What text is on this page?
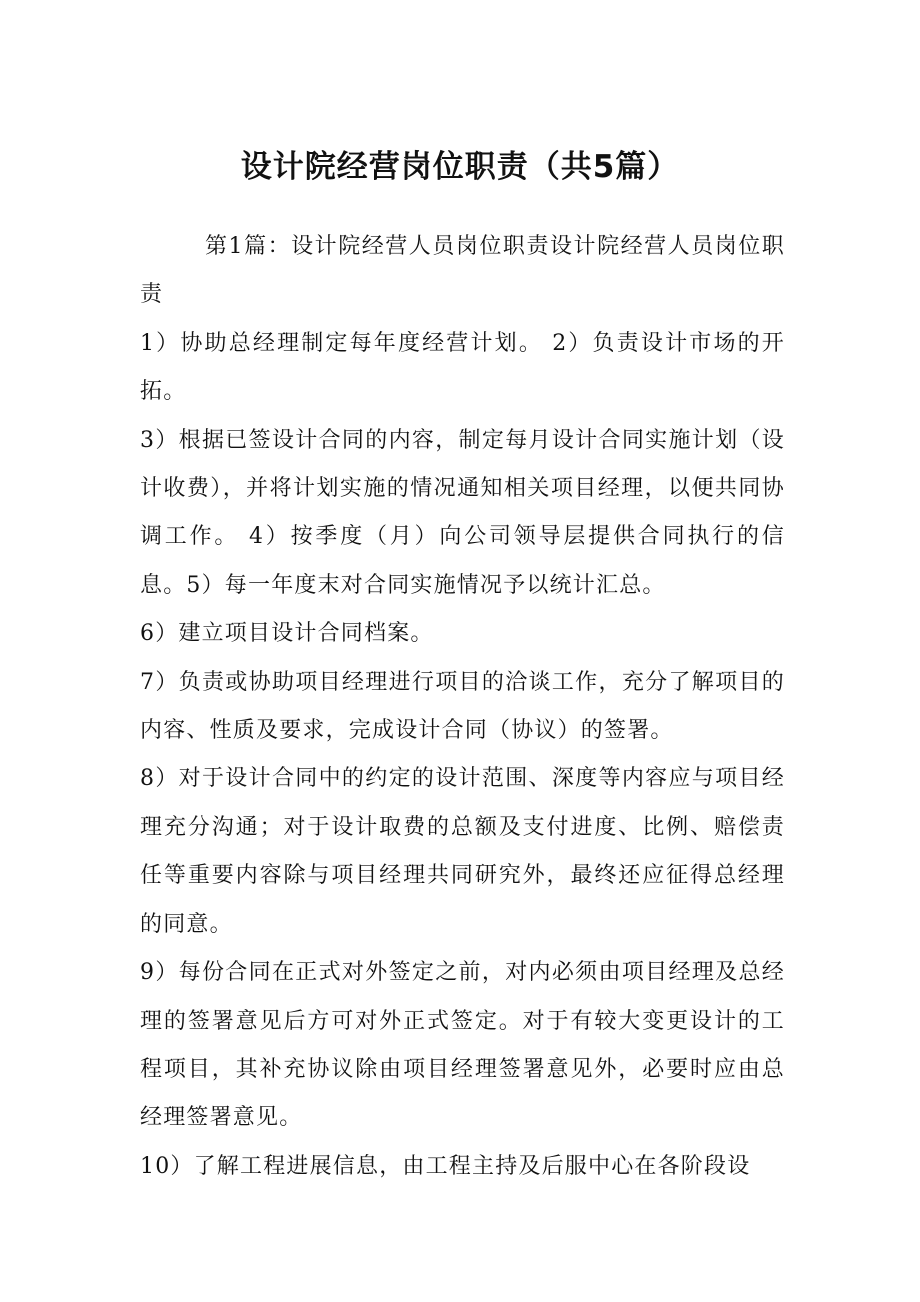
设计院经营岗位职责（共5篇）

第1篇：设计院经营人员岗位职责设计院经营人员岗位职责

1）协助总经理制定每年度经营计划。 2）负责设计市场的开拓。

3）根据已签设计合同的内容，制定每月设计合同实施计划（设计收费），并将计划实施的情况通知相关项目经理，以便共同协调工作。 4）按季度（月）向公司领导层提供合同执行的信息。5）每一年度末对合同实施情况予以统计汇总。

6）建立项目设计合同档案。

7）负责或协助项目经理进行项目的洽谈工作，充分了解项目的内容、性质及要求，完成设计合同（协议）的签署。

8）对于设计合同中的约定的设计范围、深度等内容应与项目经理充分沟通；对于设计取费的总额及支付进度、比例、赔偿责任等重要内容除与项目经理共同研究外，最终还应征得总经理的同意。

9）每份合同在正式对外签定之前，对内必须由项目经理及总经理的签署意见后方可对外正式签定。对于有较大变更设计的工程项目，其补充协议除由项目经理签署意见外，必要时应由总经理签署意见。

10）了解工程进展信息，由工程主持及后服中心在各阶段设
